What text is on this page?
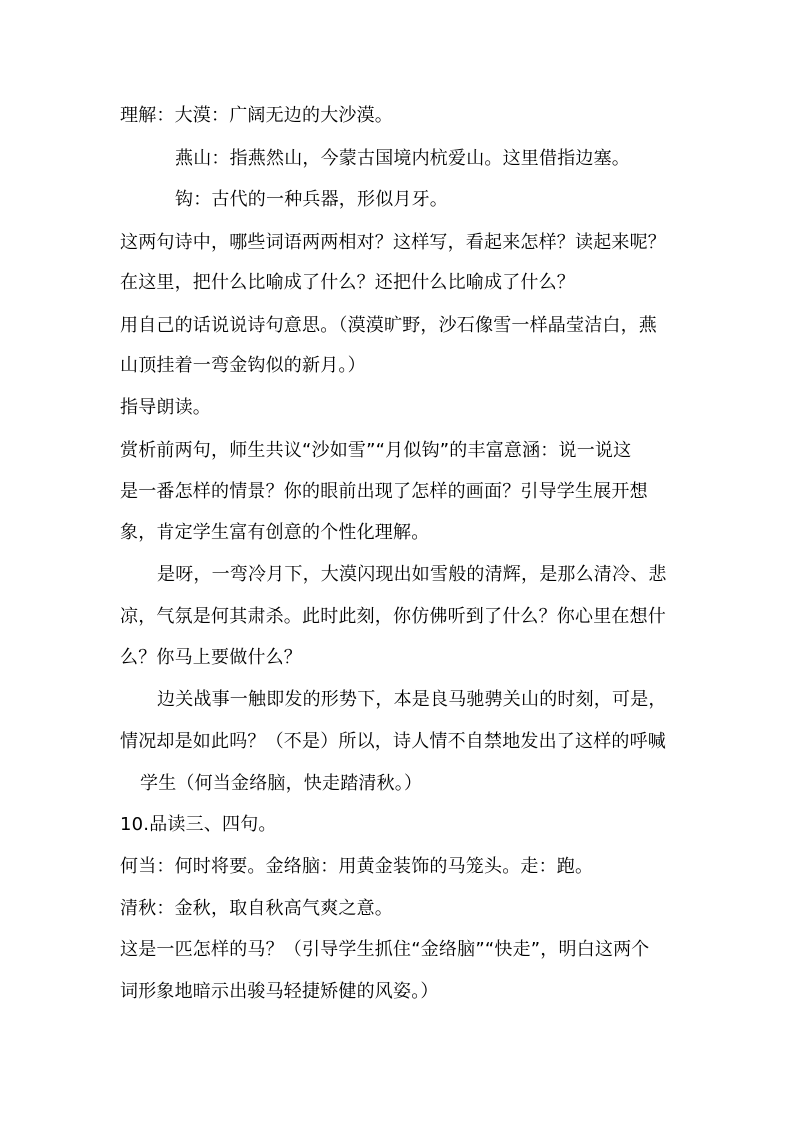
理解：大漠：广阔无边的大沙漠。
燕山：指燕然山，今蒙古国境内杭爱山。这里借指边塞。
钩：古代的一种兵器，形似月牙。
这两句诗中，哪些词语两两相对？这样写，看起来怎样？读起来呢？
在这里，把什么比喻成了什么？还把什么比喻成了什么？
用自己的话说说诗句意思。（漠漠旷野，沙石像雪一样晶莹洁白，燕
山顶挂着一弯金钩似的新月。）
指导朗读。
赏析前两句，师生共议“沙如雪”“月似钩”的丰富意涵：说一说这
是一番怎样的情景？你的眼前出现了怎样的画面？引导学生展开想
象，肯定学生富有创意的个性化理解。
是呀，一弯冷月下，大漠闪现出如雪般的清辉，是那么清冷、悲
凉，气氛是何其肃杀。此时此刻，你仿佛听到了什么？你心里在想什
么？你马上要做什么？
边关战事一触即发的形势下，本是良马驰骋关山的时刻，可是，
情况却是如此吗？（不是）所以，诗人情不自禁地发出了这样的呼喊
学生（何当金络脑，快走踏清秋。）
10.品读三、四句。
何当：何时将要。金络脑：用黄金装饰的马笼头。走：跑。
清秋：金秋，取自秋高气爽之意。
这是一匹怎样的马？（引导学生抓住“金络脑”“快走”，明白这两个
词形象地暗示出骏马轻捷矫健的风姿。）
